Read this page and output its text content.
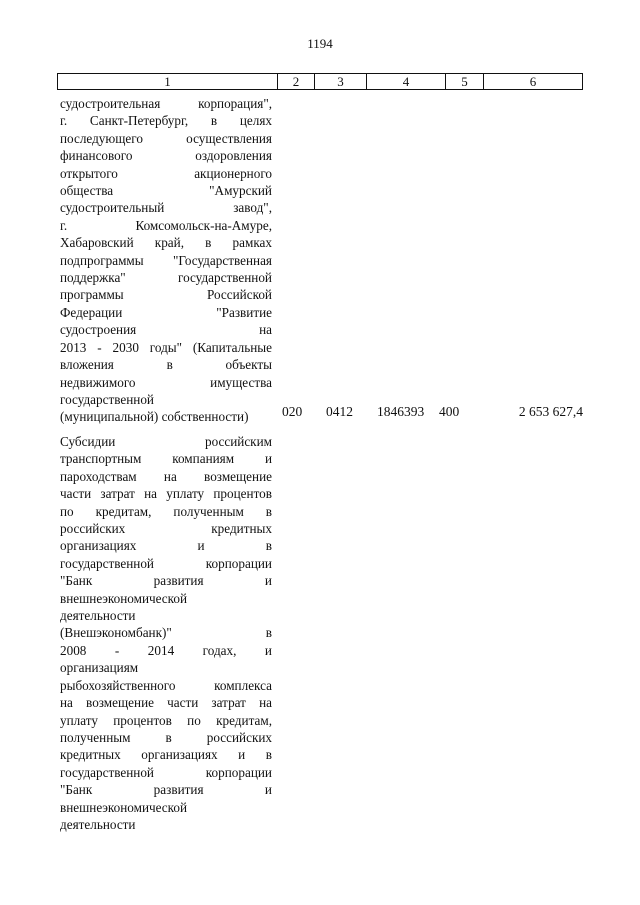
1194
1	2	3	4	5	6
судостроительная корпорация",
г. Санкт-Петербург, в целях
последующего осуществления
финансового оздоровления
открытого акционерного
общества "Амурский
судостроительный завод",
г. Комсомольск-на-Амуре,
Хабаровский край, в рамках
подпрограммы "Государственная
поддержка" государственной
программы Российской
Федерации "Развитие
судостроения на
2013 - 2030 годы" (Капитальные
вложения в объекты
недвижимого имущества
государственной
(муниципальной) собственности)	020 0412 1846393 400	2 653 627,4
Субсидии российским
транспортным компаниям и
пароходствам на возмещение
части затрат на уплату процентов
по кредитам, полученным в
российских кредитных
организациях и в
государственной корпорации
"Банк развития и
внешнеэкономической
деятельности
(Внешэкономбанк)" в
2008 - 2014 годах, и
организациям
рыбохозяйственного комплекса
на возмещение части затрат на
уплату процентов по кредитам,
полученным в российских
кредитных организациях и в
государственной корпорации
"Банк развития и
внешнеэкономической
деятельности
